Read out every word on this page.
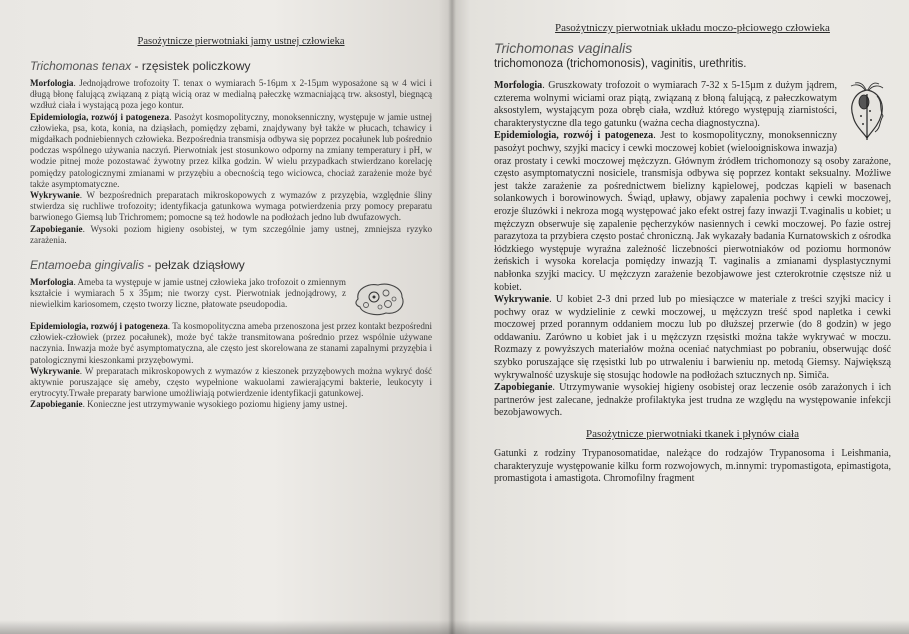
Pasożytnicze pierwotniaki jamy ustnej człowieka

Trichomonas tenax - rzęsistek policzkowy

Morfologia. Jednojądrowe trofozoity T. tenax o wymiarach 5-16µm x 2-15µm wyposażone są w 4 wici i długą błonę falującą związaną z piątą wicią oraz w medialną pałeczkę wzmacniającą trw. aksostyl, biegnącą wzdłuż ciała i wystającą poza jego kontur.

Epidemiologia, rozwój i patogeneza. Pasożyt kosmopolityczny, monoksenniczny, występuje w jamie ustnej człowieka, psa, kota, konia, na dziąsłach, pomiędzy zębami, znajdywany był także w płucach, tchawicy i migdałkach podniebiennych człowieka. Bezpośrednia transmisja odbywa się poprzez pocałunek lub pośrednio podczas wspólnego używania naczyń. Pierwotniak jest stosunkowo odporny na zmiany temperatury i pH, w wodzie pitnej może pozostawać żywotny przez kilka godzin. W wielu przypadkach stwierdzano korelację pomiędzy patologicznymi zmianami w przyzębiu a obecnością tego wiciowca, chociaż zarażenie może być także asymptomatyczne.

Wykrywanie. W bezpośrednich preparatach mikroskopowych z wymazów z przyzębia, względnie śliny stwierdza się ruchliwe trofozoity; identyfikacja gatunkowa wymaga potwierdzenia przy pomocy preparatu barwionego Giemsą lub Trichromem; pomocne są też hodowle na podłożach jedno lub dwufazowych.

Zapobieganie. Wysoki poziom higieny osobistej, w tym szczególnie jamy ustnej, zmniejsza ryzyko zarażenia.

Entamoeba gingivalis - pełzak dziąsłowy

Morfologia. Ameba ta występuje w jamie ustnej człowieka jako trofozoit o zmiennym kształcie i wymiarach 5 x 35µm; nie tworzy cyst. Pierwotniak jednojądrowy, z niewielkim kariosomem, często tworzy liczne, płatowate pseudopodia.

Epidemiologia, rozwój i patogeneza. Ta kosmopolityczna ameba przenoszona jest przez kontakt bezpośredni człowiek-człowiek (przez pocałunek), może być także transmitowana pośrednio przez wspólnie używane naczynia. Inwazja może być asymptomatyczna, ale często jest skorelowana ze stanami zapalnymi przyzębia i patologicznymi kieszonkami przyzębowymi.

Wykrywanie. W preparatach mikroskopowych z wymazów z kieszonek przyzębowych można wykryć dość aktywnie poruszające się ameby, często wypełnione wakuolami zawierającymi bakterie, leukocyty i erytrocyty.Trwałe preparaty barwione umożliwiają potwierdzenie identyfikacji gatunkowej.

Zapobieganie. Konieczne jest utrzymywanie wysokiego poziomu higieny jamy ustnej.

Pasożytniczy pierwotniak układu moczo-płciowego człowieka

Trichomonas vaginalis

trichomonoza (trichomonosis), vaginitis, urethritis.

Morfologia. Gruszkowaty trofozoit o wymiarach 7-32 x 5-15µm z dużym jądrem, czterema wolnymi wiciami oraz piątą, związaną z błoną falującą, z pałeczkowatym aksostylem, wystającym poza obręb ciała, wzdłuż którego występują ziarnistości, charakterystyczne dla tego gatunku (ważna cecha diagnostyczna).

Epidemiologia, rozwój i patogeneza. Jest to kosmopolityczny, monoksenniczny pasożyt pochwy, szyjki macicy i cewki moczowej kobiet (wielooigniskowa inwazja) oraz prostaty i cewki moczowej mężczyzn. Głównym źródłem trichomonozy są osoby zarażone, często asymptomatyczni nosiciele, transmisja odbywa się poprzez kontakt seksualny. Możliwe jest także zarażenie za pośrednictwem bielizny kąpielowej, podczas kąpieli w basenach solankowych i borowinowych. Świąd, upławy, objawy zapalenia pochwy i cewki moczowej, erozje śluzówki i nekroza mogą występować jako efekt ostrej fazy inwazji T.vaginalis u kobiet; u mężczyzn obserwuje się zapalenie pęcherzyków nasiennych i cewki moczowej. Po fazie ostrej parazytoza ta przybiera często postać chroniczną. Jak wykazały badania Kurnatowskich z ośrodka łódzkiego występuje wyraźna zależność liczebności pierwotniaków od poziomu hormonów żeńskich i wysoka korelacja pomiędzy inwazją T. vaginalis a zmianami dysplastycznymi nabłonka szyjki macicy. U mężczyzn zarażenie bezobjawowe jest czterokrotnie częstsze niż u kobiet.

Wykrywanie. U kobiet 2-3 dni przed lub po miesiączce w materiale z treści szyjki macicy i pochwy oraz w wydzielinie z cewki moczowej, u mężczyzn treść spod napletka i cewki moczowej przed porannym oddaniem moczu lub po dłuższej przerwie (do 8 godzin) w jego oddawaniu. Zarówno u kobiet jak i u mężczyzn rzęsistki można także wykrywać w moczu. Rozmazy z powyższych materiałów można oceniać natychmiast po pobraniu, obserwując dość szybko poruszające się rzęsistki lub po utrwaleniu i barwieniu np. metodą Giemsy. Największą wykrywalność uzyskuje się stosując hodowle na podłożach sztucznych np. Simiča.

Zapobieganie. Utrzymywanie wysokiej higieny osobistej oraz leczenie osób zarażonych i ich partnerów jest zalecane, jednakże profilaktyka jest trudna ze względu na występowanie infekcji bezobjawowych.

Pasożytnicze pierwotniaki tkanek i płynów ciała

Gatunki z rodziny Trypanosomatidae, należące do rodzajów Trypanosoma i Leishmania, charakteryzuje występowanie kilku form rozwojowych, m.innymi: trypomastigota, epimastigota, promastigota i amastigota. Chromofilny fragment
